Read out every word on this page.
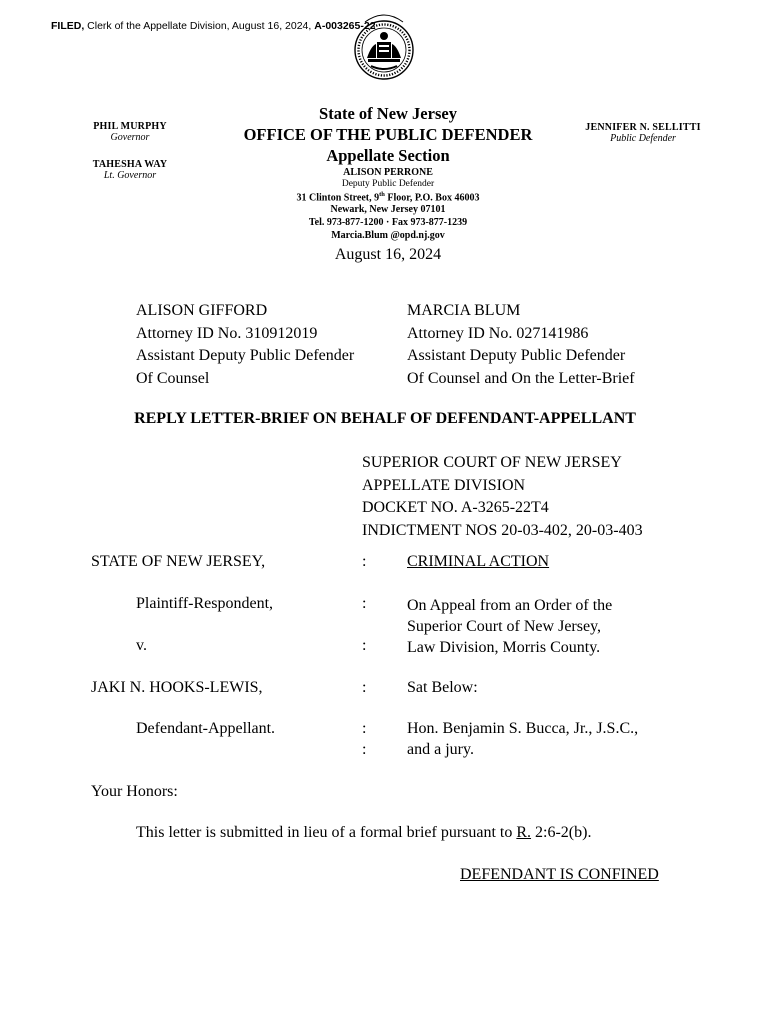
FILED, Clerk of the Appellate Division, August 16, 2024, A-003265-22
PHIL MURPHY
Governor
TAHESHA WAY
Lt. Governor
JENNIFER N. SELLITTI
Public Defender
State of New Jersey
OFFICE OF THE PUBLIC DEFENDER
Appellate Section
ALISON PERRONE
Deputy Public Defender
31 Clinton Street, 9th Floor, P.O. Box 46003
Newark, New Jersey 07101
Tel. 973-877-1200 · Fax 973-877-1239
Marcia.Blum @opd.nj.gov
August 16, 2024
ALISON GIFFORD
Attorney ID No. 310912019
Assistant Deputy Public Defender
Of Counsel
MARCIA BLUM
Attorney ID No. 027141986
Assistant Deputy Public Defender
Of Counsel and On the Letter-Brief
REPLY LETTER-BRIEF ON BEHALF OF DEFENDANT-APPELLANT
SUPERIOR COURT OF NEW JERSEY
APPELLATE DIVISION
DOCKET NO. A-3265-22T4
INDICTMENT NOS 20-03-402, 20-03-403
STATE OF NEW JERSEY,	:	CRIMINAL ACTION
Plaintiff-Respondent,	:	On Appeal from an Order of the
Superior Court of New Jersey,
Law Division, Morris County.
v.	:
JAKI N. HOOKS-LEWIS,	:	Sat Below:
Defendant-Appellant.	:	Hon. Benjamin S. Bucca, Jr., J.S.C.,
:	and a jury.
Your Honors:
This letter is submitted in lieu of a formal brief pursuant to R. 2:6-2(b).
DEFENDANT IS CONFINED
